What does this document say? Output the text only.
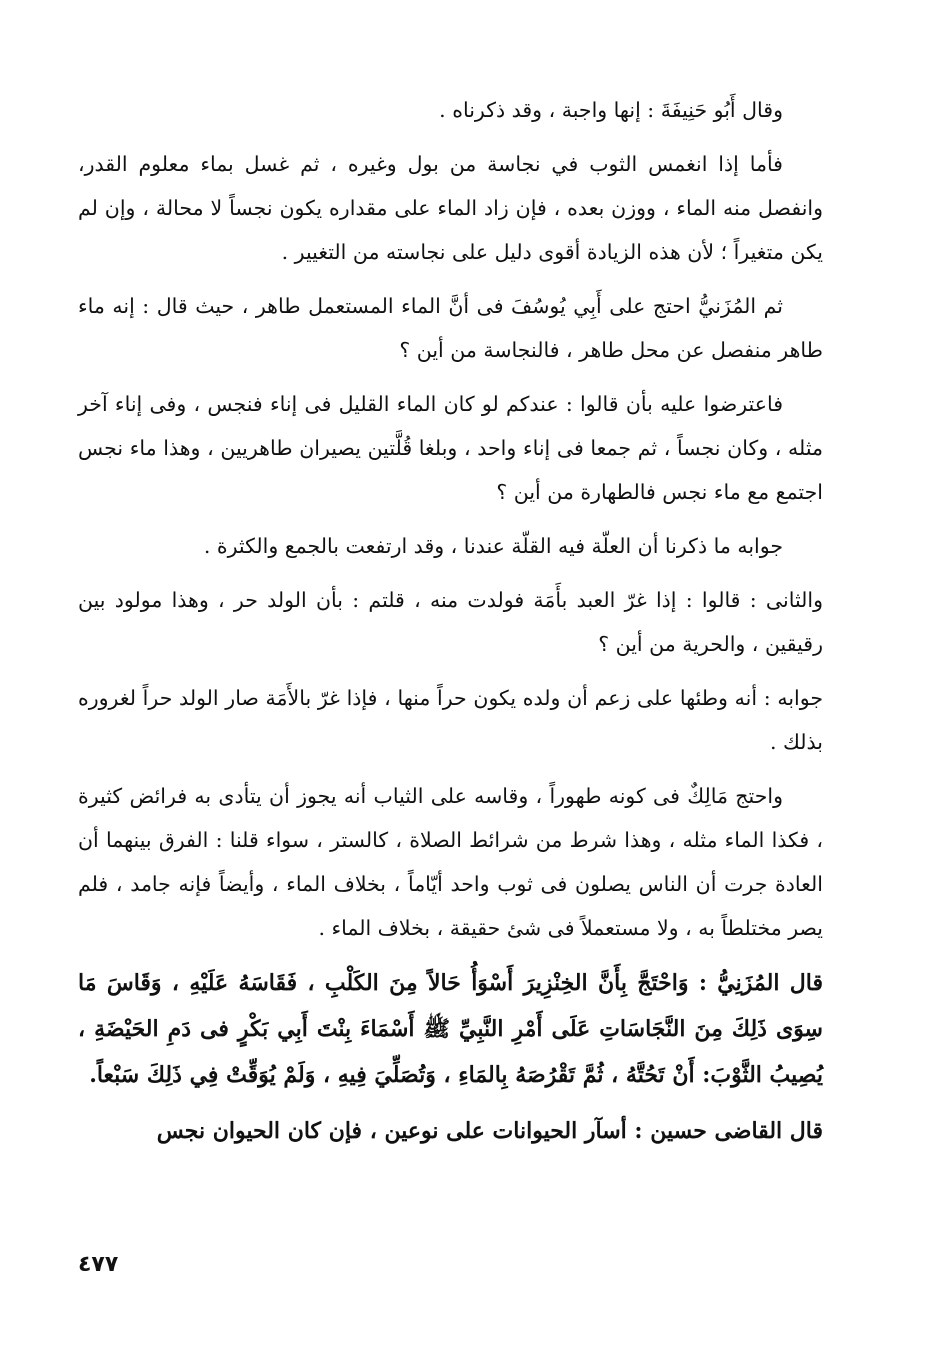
وقال أَبُو حَنِيفَةَ : إنها واجبة ، وقد ذكرناه .

فأما إذا انغمس الثوب في نجاسة من بول وغيره ، ثم غسل بماء معلوم القدر، وانفصل منه الماء ، ووزن بعده ، فإن زاد الماء على مقداره يكون نجساً لا محالة ، وإن لم يكن متغيراً ؛ لأن هذه الزيادة أقوى دليل على نجاسته من التغيير .

ثم المُزَنيُّ احتج على أَبِي يُوسُفَ فى أنَّ الماء المستعمل طاهر ، حيث قال : إنه ماء طاهر منفصل عن محل طاهر ، فالنجاسة من أين ؟

فاعترضوا عليه بأن قالوا : عندكم لو كان الماء القليل فى إناء فنجس ، وفى إناء آخر مثله ، وكان نجساً ، ثم جمعا فى إناء واحد ، وبلغا قُلَّتين يصيران طاهريين ، وهذا ماء نجس اجتمع مع ماء نجس فالطهارة من أين ؟

جوابه ما ذكرنا أن العلّة فيه القلّة عندنا ، وقد ارتفعت بالجمع والكثرة .

والثانى : قالوا : إذا غرّ العبد بأَمَة فولدت منه ، قلتم : بأن الولد حر ، وهذا مولود بين رقيقين ، والحرية من أين ؟

جوابه : أنه وطئها على زعم أن ولده يكون حراً منها ، فإذا غرّ بالأَمَة صار الولد حراً لغروره بذلك .

واحتج مَالِكٌ فى كونه طهوراً ، وقاسه على الثياب أنه يجوز أن يتأدى به فرائض كثيرة ، فكذا الماء مثله ، وهذا شرط من شرائط الصلاة ، كالستر ، سواء قلنا : الفرق بينهما أن العادة جرت أن الناس يصلون فى ثوب واحد أيّاماً ، بخلاف الماء ، وأيضاً فإنه جامد ، فلم يصر مختلطاً به ، ولا مستعملاً فى شئ حقيقة ، بخلاف الماء .

قال المُزَنِيُّ : وَاحْتَجَّ بِأَنَّ الخِنْزِيرَ أَسْوَأُ حَالاً مِنَ الكَلْبِ ، فَقَاسَهُ عَلَيْهِ ، وَقَاسَ مَا سِوَى ذَلِكَ مِنَ النَّجَاسَاتِ عَلَى أَمْرِ النَّبِيِّ ﷺ أَسْمَاءَ بِنْتَ أَبِي بَكْرٍ فى دَمِ الحَيْضَةِ ، يُصِيبُ الثَّوْبَ: أَنْ تَحُتَّهُ ، ثُمَّ تَقْرُصَهُ بِالمَاءِ ، وَتُصَلِّيَ فِيهِ ، وَلَمْ يُوَقِّتْ فِي ذَلِكَ سَبْعاً.

قال القاضى حسين : أسآر الحيوانات على نوعين ، فإن كان الحيوان نجس

٤٧٧
